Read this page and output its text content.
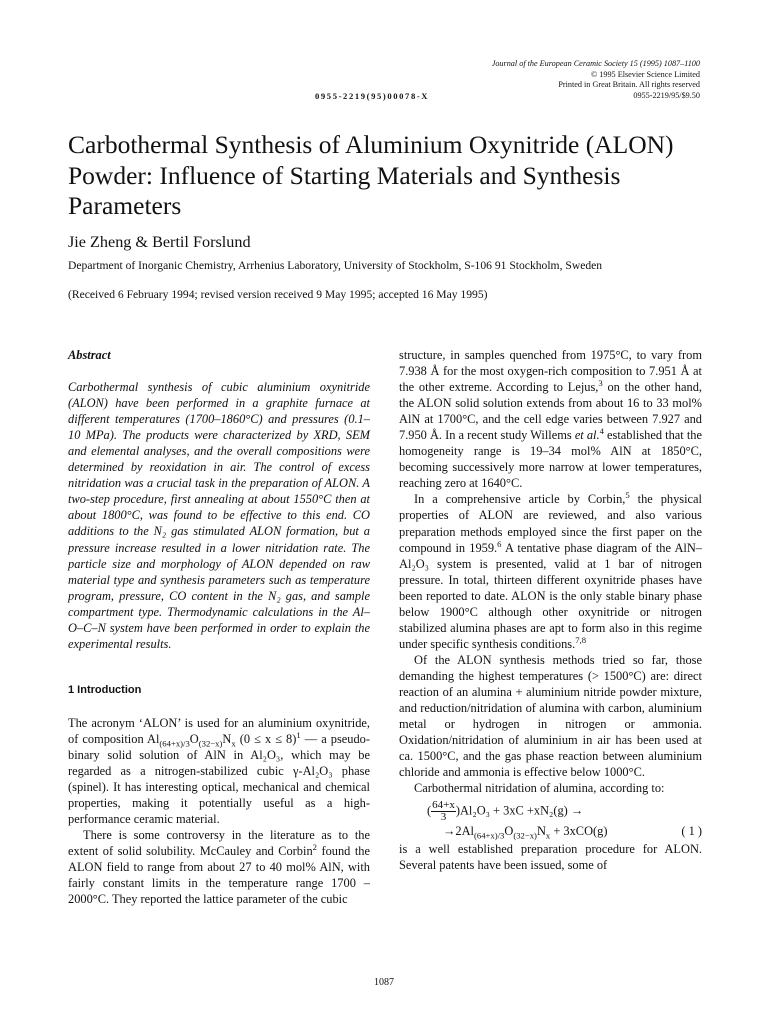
Journal of the European Ceramic Society 15 (1995) 1087–1100
© 1995 Elsevier Science Limited
Printed in Great Britain. All rights reserved
0955-2219/95/$9.50
0955-2219(95)00078-X
Carbothermal Synthesis of Aluminium Oxynitride (ALON) Powder: Influence of Starting Materials and Synthesis Parameters
Jie Zheng & Bertil Forslund
Department of Inorganic Chemistry, Arrhenius Laboratory, University of Stockholm, S-106 91 Stockholm, Sweden
(Received 6 February 1994; revised version received 9 May 1995; accepted 16 May 1995)

Abstract

Carbothermal synthesis of cubic aluminium oxynitride (ALON) have been performed in a graphite furnace at different temperatures (1700–1860°C) and pressures (0.1–10 MPa). The products were characterized by XRD, SEM and elemental analyses, and the overall compositions were determined by reoxidation in air. The control of excess nitridation was a crucial task in the preparation of ALON. A two-step procedure, first annealing at about 1550°C then at about 1800°C, was found to be effective to this end. CO additions to the N₂ gas stimulated ALON formation, but a pressure increase resulted in a lower nitridation rate. The particle size and morphology of ALON depended on raw material type and synthesis parameters such as temperature program, pressure, CO content in the N₂ gas, and sample compartment type. Thermodynamic calculations in the Al–O–C–N system have been performed in order to explain the experimental results.

1 Introduction

The acronym ‘ALON’ is used for an aluminium oxynitride, of composition $Al_{(64+x)/3}O_{(32-x)}N_x$ (0 ≤ x ≤ 8)$^1$ — a pseudo-binary solid solution of AlN in Al₂O₃, which may be regarded as a nitrogen-stabilized cubic γ-Al₂O₃ phase (spinel). It has interesting optical, mechanical and chemical properties, making it potentially useful as a high-performance ceramic material.

There is some controversy in the literature as to the extent of solid solubility. McCauley and Corbin$^2$ found the ALON field to range from about 27 to 40 mol% AlN, with fairly constant limits in the temperature range 1700 – 2000°C. They reported the lattice parameter of the cubic

structure, in samples quenched from 1975°C, to vary from 7.938 Å for the most oxygen-rich composition to 7.951 Å at the other extreme. According to Lejus,$^3$ on the other hand, the ALON solid solution extends from about 16 to 33 mol% AlN at 1700°C, and the cell edge varies between 7.927 and 7.950 Å. In a recent study Willems et al.$^4$ established that the homogeneity range is 19–34 mol% AlN at 1850°C, becoming successively more narrow at lower temperatures, reaching zero at 1640°C.

In a comprehensive article by Corbin,$^5$ the physical properties of ALON are reviewed, and also various preparation methods employed since the first paper on the compound in 1959.$^6$ A tentative phase diagram of the AlN–Al₂O₃ system is presented, valid at 1 bar of nitrogen pressure. In total, thirteen different oxynitride phases have been reported to date. ALON is the only stable binary phase below 1900°C although other oxynitride or nitrogen stabilized alumina phases are apt to form also in this regime under specific synthesis conditions.$^{7,8}$

Of the ALON synthesis methods tried so far, those demanding the highest temperatures (> 1500°C) are: direct reaction of an alumina + aluminium nitride powder mixture, and reduction/nitridation of alumina with carbon, aluminium metal or hydrogen in nitrogen or ammonia. Oxidation/nitridation of aluminium in air has been used at ca. 1500°C, and the gas phase reaction between aluminium chloride and ammonia is effective below 1000°C.

Carbothermal nitridation of alumina, according to:

( $\frac{64+x}{3} )Al_2O_3 + 3xC +xN_2(g)$ →
$\to 2Al_{(64+x)/3}O_{(32-x)}N_x + 3xCO(g)$	( 1 )

is a well established preparation procedure for ALON. Several patents have been issued, some of

1087
